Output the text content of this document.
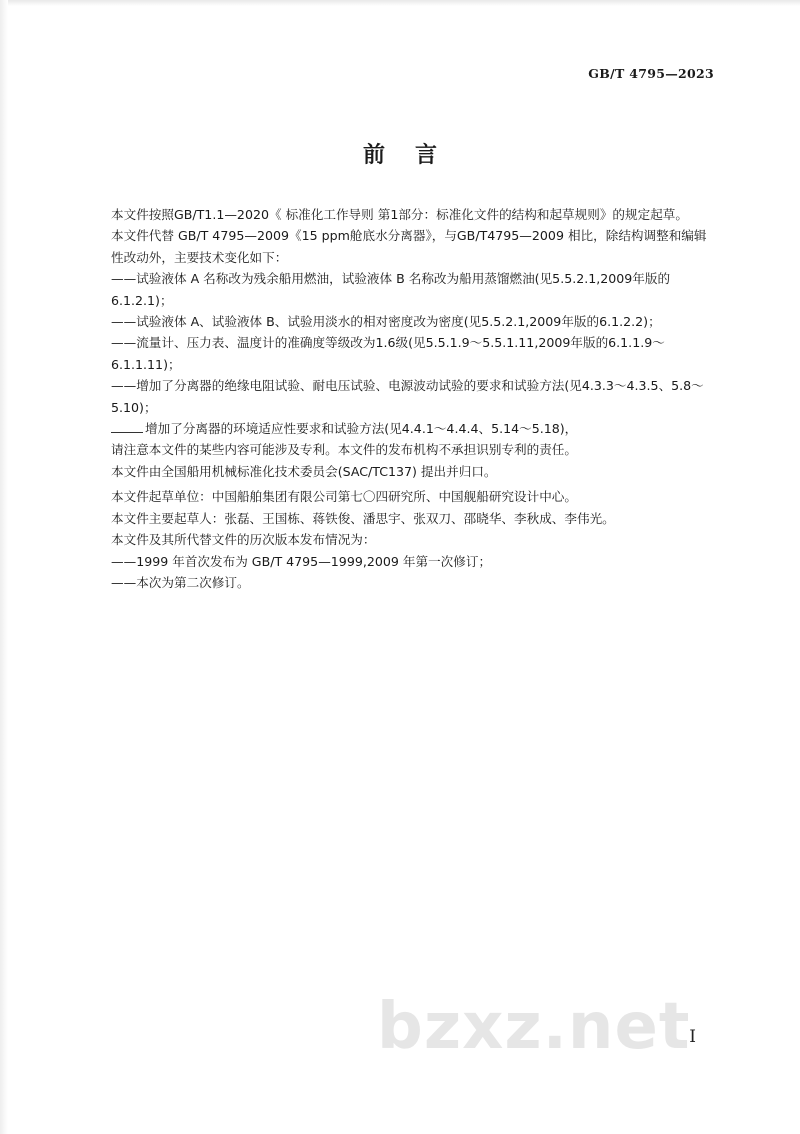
GB/T 4795—2023
前言

本文件按照GB/T1.1—2020《 标准化工作导则 第1部分：标准化文件的结构和起草规则》的规定起草。

本文件代替 GB/T 4795—2009《15 ppm舱底水分离器》，与GB/T4795—2009 相比，除结构调整和编辑性改动外，主要技术变化如下：

——试验液体 A 名称改为残余船用燃油，试验液体 B 名称改为船用蒸馏燃油(见5.5.2.1,2009年版的6.1.2.1)；

——试验液体 A、试验液体 B、试验用淡水的相对密度改为密度(见5.5.2.1,2009年版的6.1.2.2)；

——流量计、压力表、温度计的准确度等级改为1.6级(见5.5.1.9～5.5.1.11,2009年版的6.1.1.9～6.1.1.11)；

——增加了分离器的绝缘电阻试验、耐电压试验、电源波动试验的要求和试验方法(见4.3.3～4.3.5、5.8～5.10)；

增加了分离器的环境适应性要求和试验方法(见4.4.1～4.4.4、5.14～5.18)，

请注意本文件的某些内容可能涉及专利。本文件的发布机构不承担识别专利的责任。

本文件由全国船用机械标准化技术委员会(SAC/TC137) 提出并归口。

本文件起草单位：中国船舶集团有限公司第七〇四研究所、中国舰船研究设计中心。

本文件主要起草人：张磊、王国栋、蒋铁俊、潘思宇、张双刀、邵晓华、李秋成、李伟光。

本文件及其所代替文件的历次版本发布情况为：

——1999 年首次发布为 GB/T 4795—1999,2009 年第一次修订；

——本次为第二次修订。

bzxz.net
I
